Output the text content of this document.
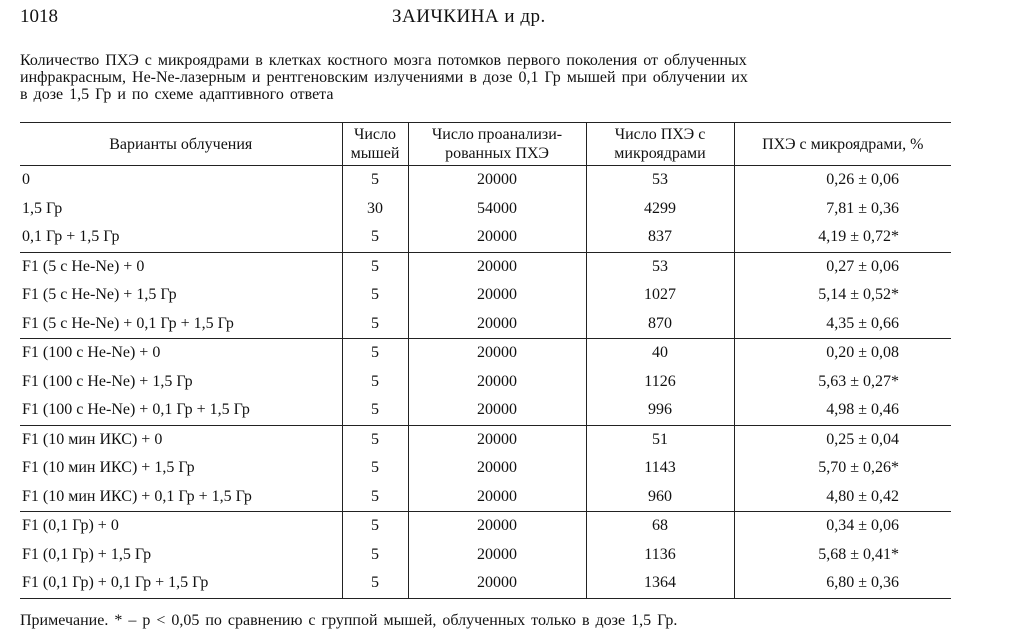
1018	ЗАИЧКИНА и др.
Количество ПХЭ с микроядрами в клетках костного мозга потомков первого поколения от облученных
инфракрасным, He-Ne-лазерным и рентгеновским излучениями в дозе 0,1 Гр мышей при облучении их
в дозе 1,5 Гр и по схеме адаптивного ответа
Варианты облучения	Число мышей	Число проанализи-рованных ПХЭ	Число ПХЭ с микроядрами	ПХЭ с микроядрами, %
0	5	20000	53	0,26 ± 0,06
1,5 Гр	30	54000	4299	7,81 ± 0,36
0,1 Гр + 1,5 Гр	5	20000	837	4,19 ± 0,72*
F1 (5 с He-Ne) + 0	5	20000	53	0,27 ± 0,06
F1 (5 с He-Ne) + 1,5 Гр	5	20000	1027	5,14 ± 0,52*
F1 (5 с He-Ne) + 0,1 Гр + 1,5 Гр	5	20000	870	4,35 ± 0,66
F1 (100 с He-Ne) + 0	5	20000	40	0,20 ± 0,08
F1 (100 с He-Ne) + 1,5 Гр	5	20000	1126	5,63 ± 0,27*
F1 (100 с He-Ne) + 0,1 Гр + 1,5 Гр	5	20000	996	4,98 ± 0,46
F1 (10 мин ИКС) + 0	5	20000	51	0,25 ± 0,04
F1 (10 мин ИКС) + 1,5 Гр	5	20000	1143	5,70 ± 0,26*
F1 (10 мин ИКС) + 0,1 Гр + 1,5 Гр	5	20000	960	4,80 ± 0,42
F1 (0,1 Гр) + 0	5	20000	68	0,34 ± 0,06
F1 (0,1 Гр) + 1,5 Гр	5	20000	1136	5,68 ± 0,41*
F1 (0,1 Гр) + 0,1 Гр + 1,5 Гр	5	20000	1364	6,80 ± 0,36
Примечание. * – p < 0,05 по сравнению с группой мышей, облученных только в дозе 1,5 Гр.
